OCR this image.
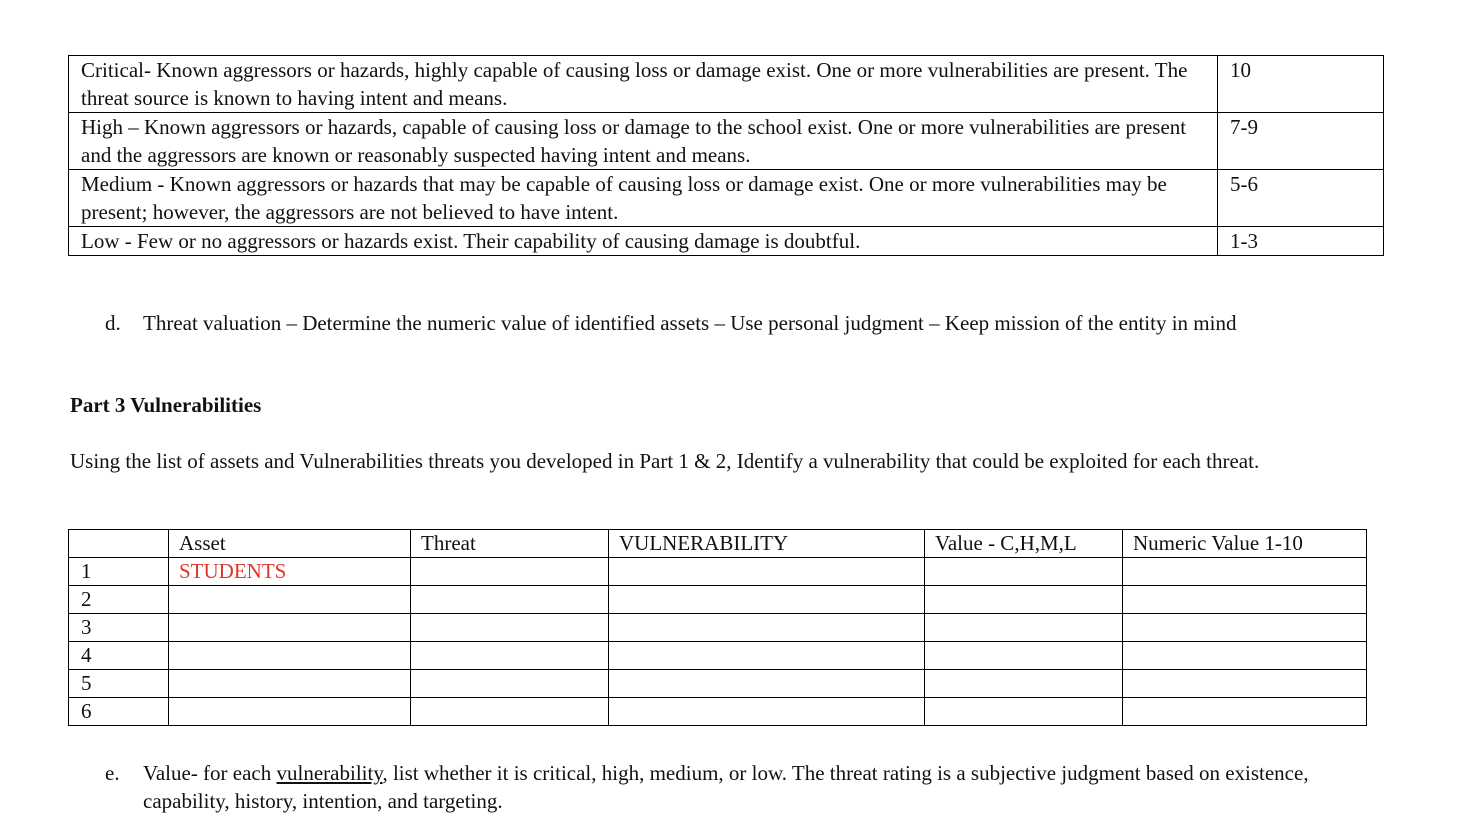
Critical- Known aggressors or hazards, highly capable of causing loss or damage exist. One or more vulnerabilities are present. The threat source is known to having intent and means.	10
High – Known aggressors or hazards, capable of causing loss or damage to the school exist. One or more vulnerabilities are present and the aggressors are known or reasonably suspected having intent and means.	7-9
Medium - Known aggressors or hazards that may be capable of causing loss or damage exist. One or more vulnerabilities may be present; however, the aggressors are not believed to have intent.	5-6
Low - Few or no aggressors or hazards exist. Their capability of causing damage is doubtful.	1-3
d. Threat valuation – Determine the numeric value of identified assets – Use personal judgment – Keep mission of the entity in mind
Part 3 Vulnerabilities
Using the list of assets and Vulnerabilities threats you developed in Part 1 & 2, Identify a vulnerability that could be exploited for each threat.
	Asset	Threat	VULNERABILITY	Value - C,H,M,L	Numeric Value 1-10
1	STUDENTS				
2					
3					
4					
5					
6					
e. Value- for each vulnerability, list whether it is critical, high, medium, or low. The threat rating is a subjective judgment based on existence, capability, history, intention, and targeting.
